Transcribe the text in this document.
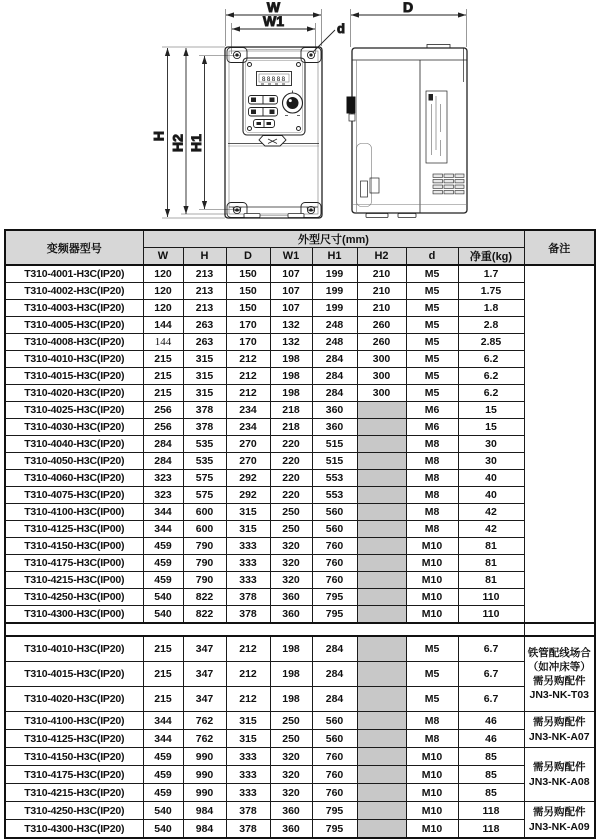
W
W1	d
H H2 H1
88888
D
变频器型号	外型尺寸(mm)								备注
	W	H	D	W1	H1	H2	d	净重(kg)	
T310-4001-H3C(IP20)	120	213	150	107	199	210	M5	1.7	
T310-4002-H3C(IP20)	120	213	150	107	199	210	M5	1.75	
T310-4003-H3C(IP20)	120	213	150	107	199	210	M5	1.8	
T310-4005-H3C(IP20)	144	263	170	132	248	260	M5	2.8	
T310-4008-H3C(IP20)	144	263	170	132	248	260	M5	2.85	
T310-4010-H3C(IP20)	215	315	212	198	284	300	M5	6.2	
T310-4015-H3C(IP20)	215	315	212	198	284	300	M5	6.2	
T310-4020-H3C(IP20)	215	315	212	198	284	300	M5	6.2	
T310-4025-H3C(IP20)	256	378	234	218	360		M6	15	
T310-4030-H3C(IP20)	256	378	234	218	360		M6	15	
T310-4040-H3C(IP20)	284	535	270	220	515		M8	30	
T310-4050-H3C(IP20)	284	535	270	220	515		M8	30	
T310-4060-H3C(IP20)	323	575	292	220	553		M8	40	
T310-4075-H3C(IP20)	323	575	292	220	553		M8	40	
T310-4100-H3C(IP00)	344	600	315	250	560		M8	42	
T310-4125-H3C(IP00)	344	600	315	250	560		M8	42	
T310-4150-H3C(IP00)	459	790	333	320	760		M10	81	
T310-4175-H3C(IP00)	459	790	333	320	760		M10	81	
T310-4215-H3C(IP00)	459	790	333	320	760		M10	81	
T310-4250-H3C(IP00)	540	822	378	360	795		M10	110	
T310-4300-H3C(IP00)	540	822	378	360	795		M10	110	

T310-4010-H3C(IP20)	215	347	212	198	284		M5	6.7	铁管配线场合
（如冲床等）
需另购配件
JN3-NK-T03

T310-4015-H3C(IP20)	215	347	212	198	284		M5	6.7	
T310-4020-H3C(IP20)	215	347	212	198	284		M5	6.7	
T310-4100-H3C(IP20)	344	762	315	250	560		M8	46	需另购配件
JN3-NK-A07

T310-4125-H3C(IP20)	344	762	315	250	560		M8	46	
T310-4150-H3C(IP20)	459	990	333	320	760		M10	85	需另购配件
JN3-NK-A08

T310-4175-H3C(IP20)	459	990	333	320	760		M10	85	
T310-4215-H3C(IP20)	459	990	333	320	760		M10	85	
T310-4250-H3C(IP20)	540	984	378	360	795		M10	118	需另购配件
JN3-NK-A09

T310-4300-H3C(IP20)	540	984	378	360	795		M10	118	
